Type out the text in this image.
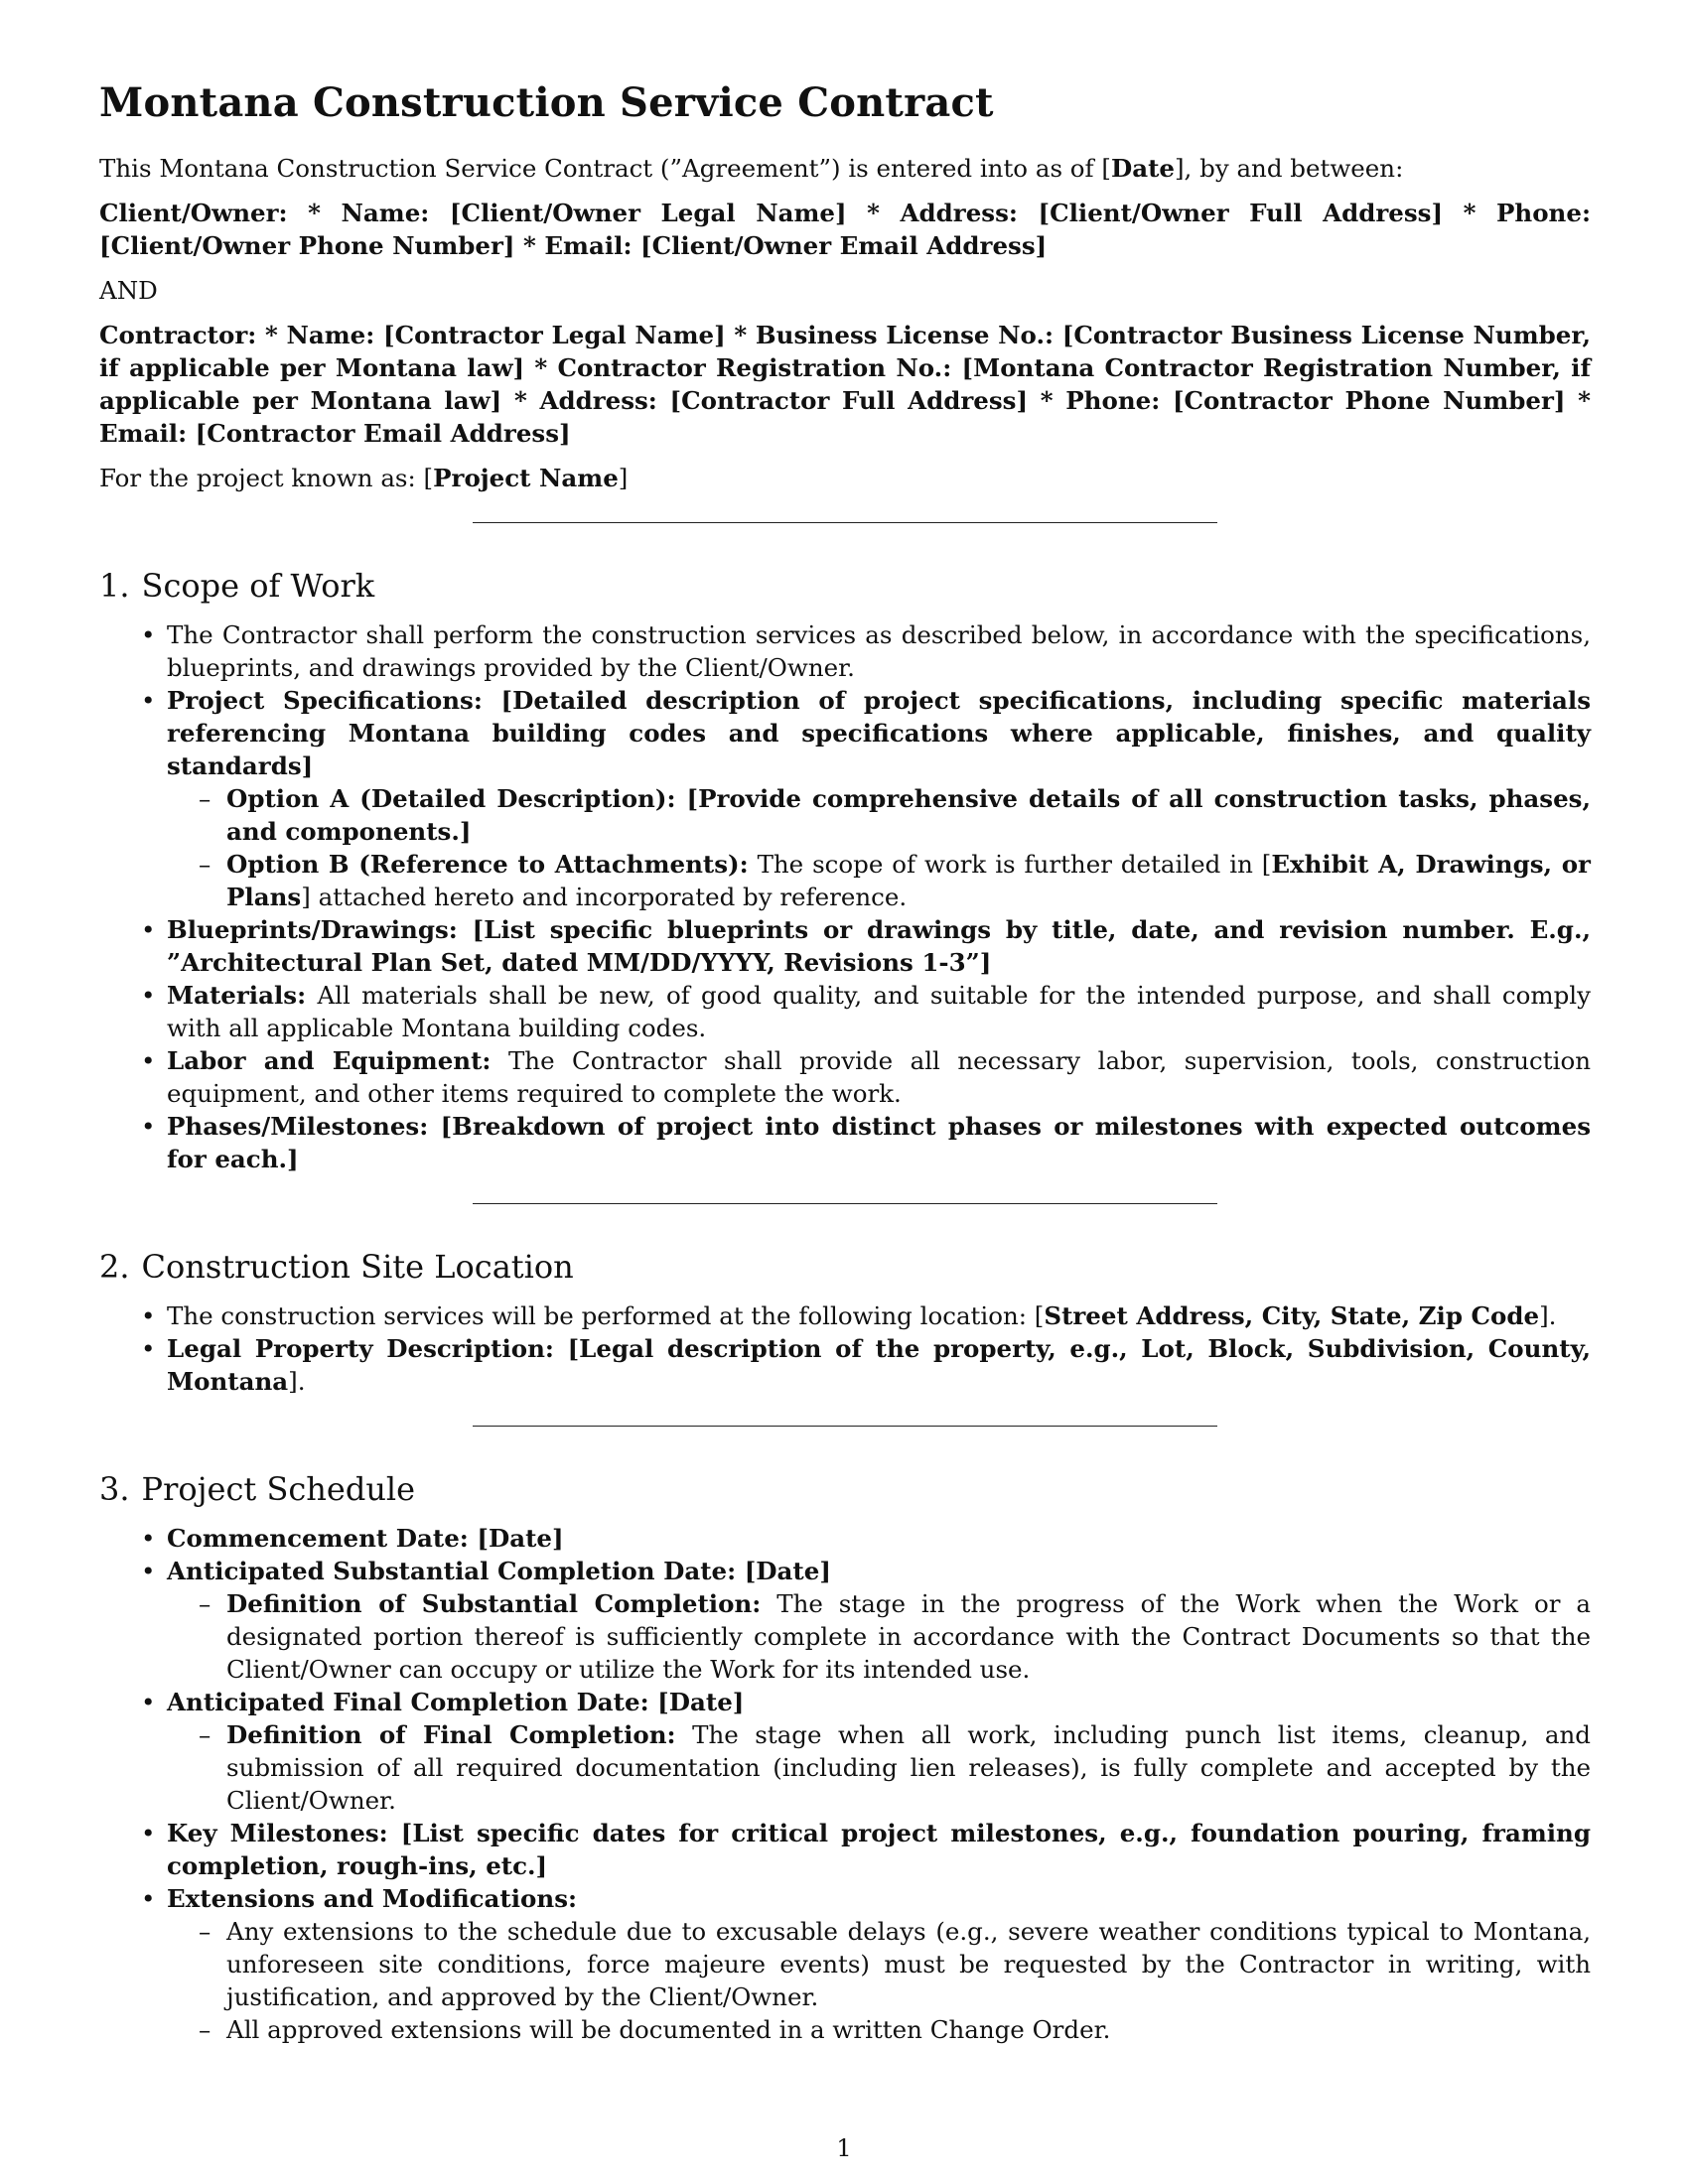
Montana Construction Service Contract

This Montana Construction Service Contract (”Agreement”) is entered into as of [Date], by and between:

Client/Owner: * Name: [Client/Owner Legal Name] * Address: [Client/Owner Full Address] * Phone: [Client/Owner Phone Number] * Email: [Client/Owner Email Address]

AND

Contractor: * Name: [Contractor Legal Name] * Business License No.: [Contractor Business License Number, if applicable per Montana law] * Contractor Registration No.: [Montana Contractor Registration Number, if applicable per Montana law] * Address: [Contractor Full Address] * Phone: [Contractor Phone Number] * Email: [Contractor Email Address]

For the project known as: [Project Name]

1. Scope of Work
• The Contractor shall perform the construction services as described below, in accordance with the specifications, blueprints, and drawings provided by the Client/Owner.
• Project Specifications: [Detailed description of project specifications, including specific materials referencing Montana building codes and specifications where applicable, finishes, and quality standards]
– Option A (Detailed Description): [Provide comprehensive details of all construction tasks, phases, and components.]
– Option B (Reference to Attachments): The scope of work is further detailed in [Exhibit A, Drawings, or Plans] attached hereto and incorporated by reference.
• Blueprints/Drawings: [List specific blueprints or drawings by title, date, and revision number. E.g., ”Architectural Plan Set, dated MM/DD/YYYY, Revisions 1-3”]
• Materials: All materials shall be new, of good quality, and suitable for the intended purpose, and shall comply with all applicable Montana building codes.
• Labor and Equipment: The Contractor shall provide all necessary labor, supervision, tools, construction equipment, and other items required to complete the work.
• Phases/Milestones: [Breakdown of project into distinct phases or milestones with expected outcomes for each.]
2. Construction Site Location
• The construction services will be performed at the following location: [Street Address, City, State, Zip Code].
• Legal Property Description: [Legal description of the property, e.g., Lot, Block, Subdivision, County, Montana].
3. Project Schedule
• Commencement Date: [Date]
• Anticipated Substantial Completion Date: [Date]
– Definition of Substantial Completion: The stage in the progress of the Work when the Work or a designated portion thereof is sufficiently complete in accordance with the Contract Documents so that the Client/Owner can occupy or utilize the Work for its intended use.
• Anticipated Final Completion Date: [Date]
– Definition of Final Completion: The stage when all work, including punch list items, cleanup, and submission of all required documentation (including lien releases), is fully complete and accepted by the Client/Owner.
• Key Milestones: [List specific dates for critical project milestones, e.g., foundation pouring, framing completion, rough-ins, etc.]
• Extensions and Modifications:
– Any extensions to the schedule due to excusable delays (e.g., severe weather conditions typical to Montana, unforeseen site conditions, force majeure events) must be requested by the Contractor in writing, with justification, and approved by the Client/Owner.
– All approved extensions will be documented in a written Change Order.
1
